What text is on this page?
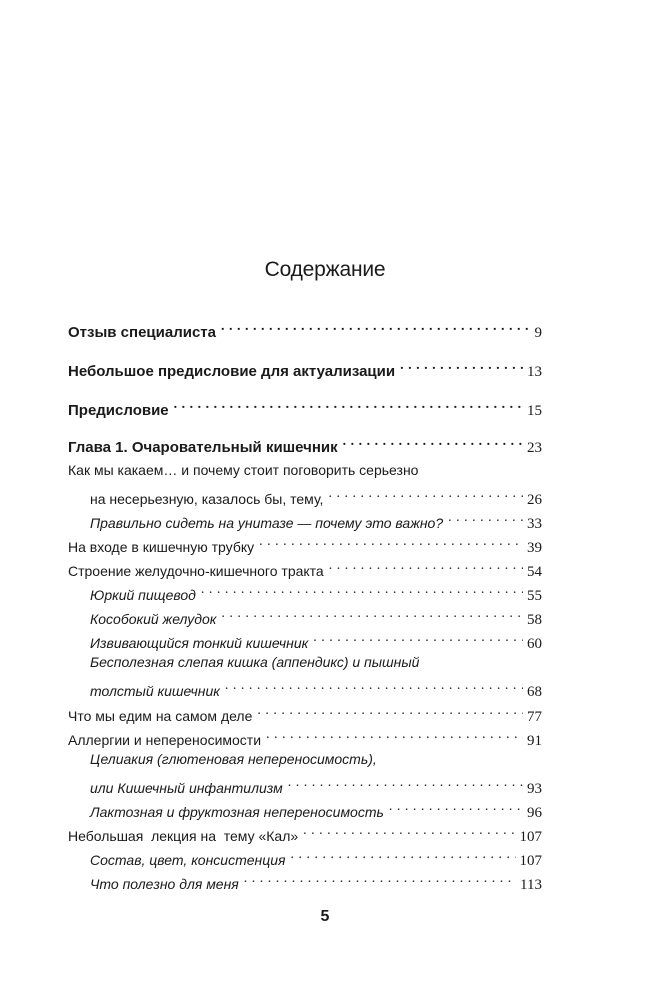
Содержание
Отзыв специалиста . . .	9
Небольшое предисловие для актуализации . . .	13
Предисловие . . .	15
Глава 1. Очаровательный кишечник . . .	23
Как мы какаем… и почему стоит поговорить серьезно
на несерьезную, казалось бы, тему, . . .	26
Правильно сидеть на унитазе — почему это важно? . . .	33
На входе в кишечную трубку . . .	39
Строение желудочно-кишечного тракта . . .	54
Юркий пищевод . . .	55
Кособокий желудок . . .	58
Извивающийся тонкий кишечник . . .	60
Бесполезная слепая кишка (аппендикс) и пышный
толстый кишечник . . .	68
Что мы едим на самом деле . . .	77
Аллергии и непереносимости . . .	91
Целиакия (глютеновая непереносимость),
или Кишечный инфантилизм . . .	93
Лактозная и фруктозная непереносимость . . .	96
Небольшая  лекция на  тему «Кал» . . .	107
Состав, цвет, консистенция . . .	107
Что полезно для меня . . .	113
5
